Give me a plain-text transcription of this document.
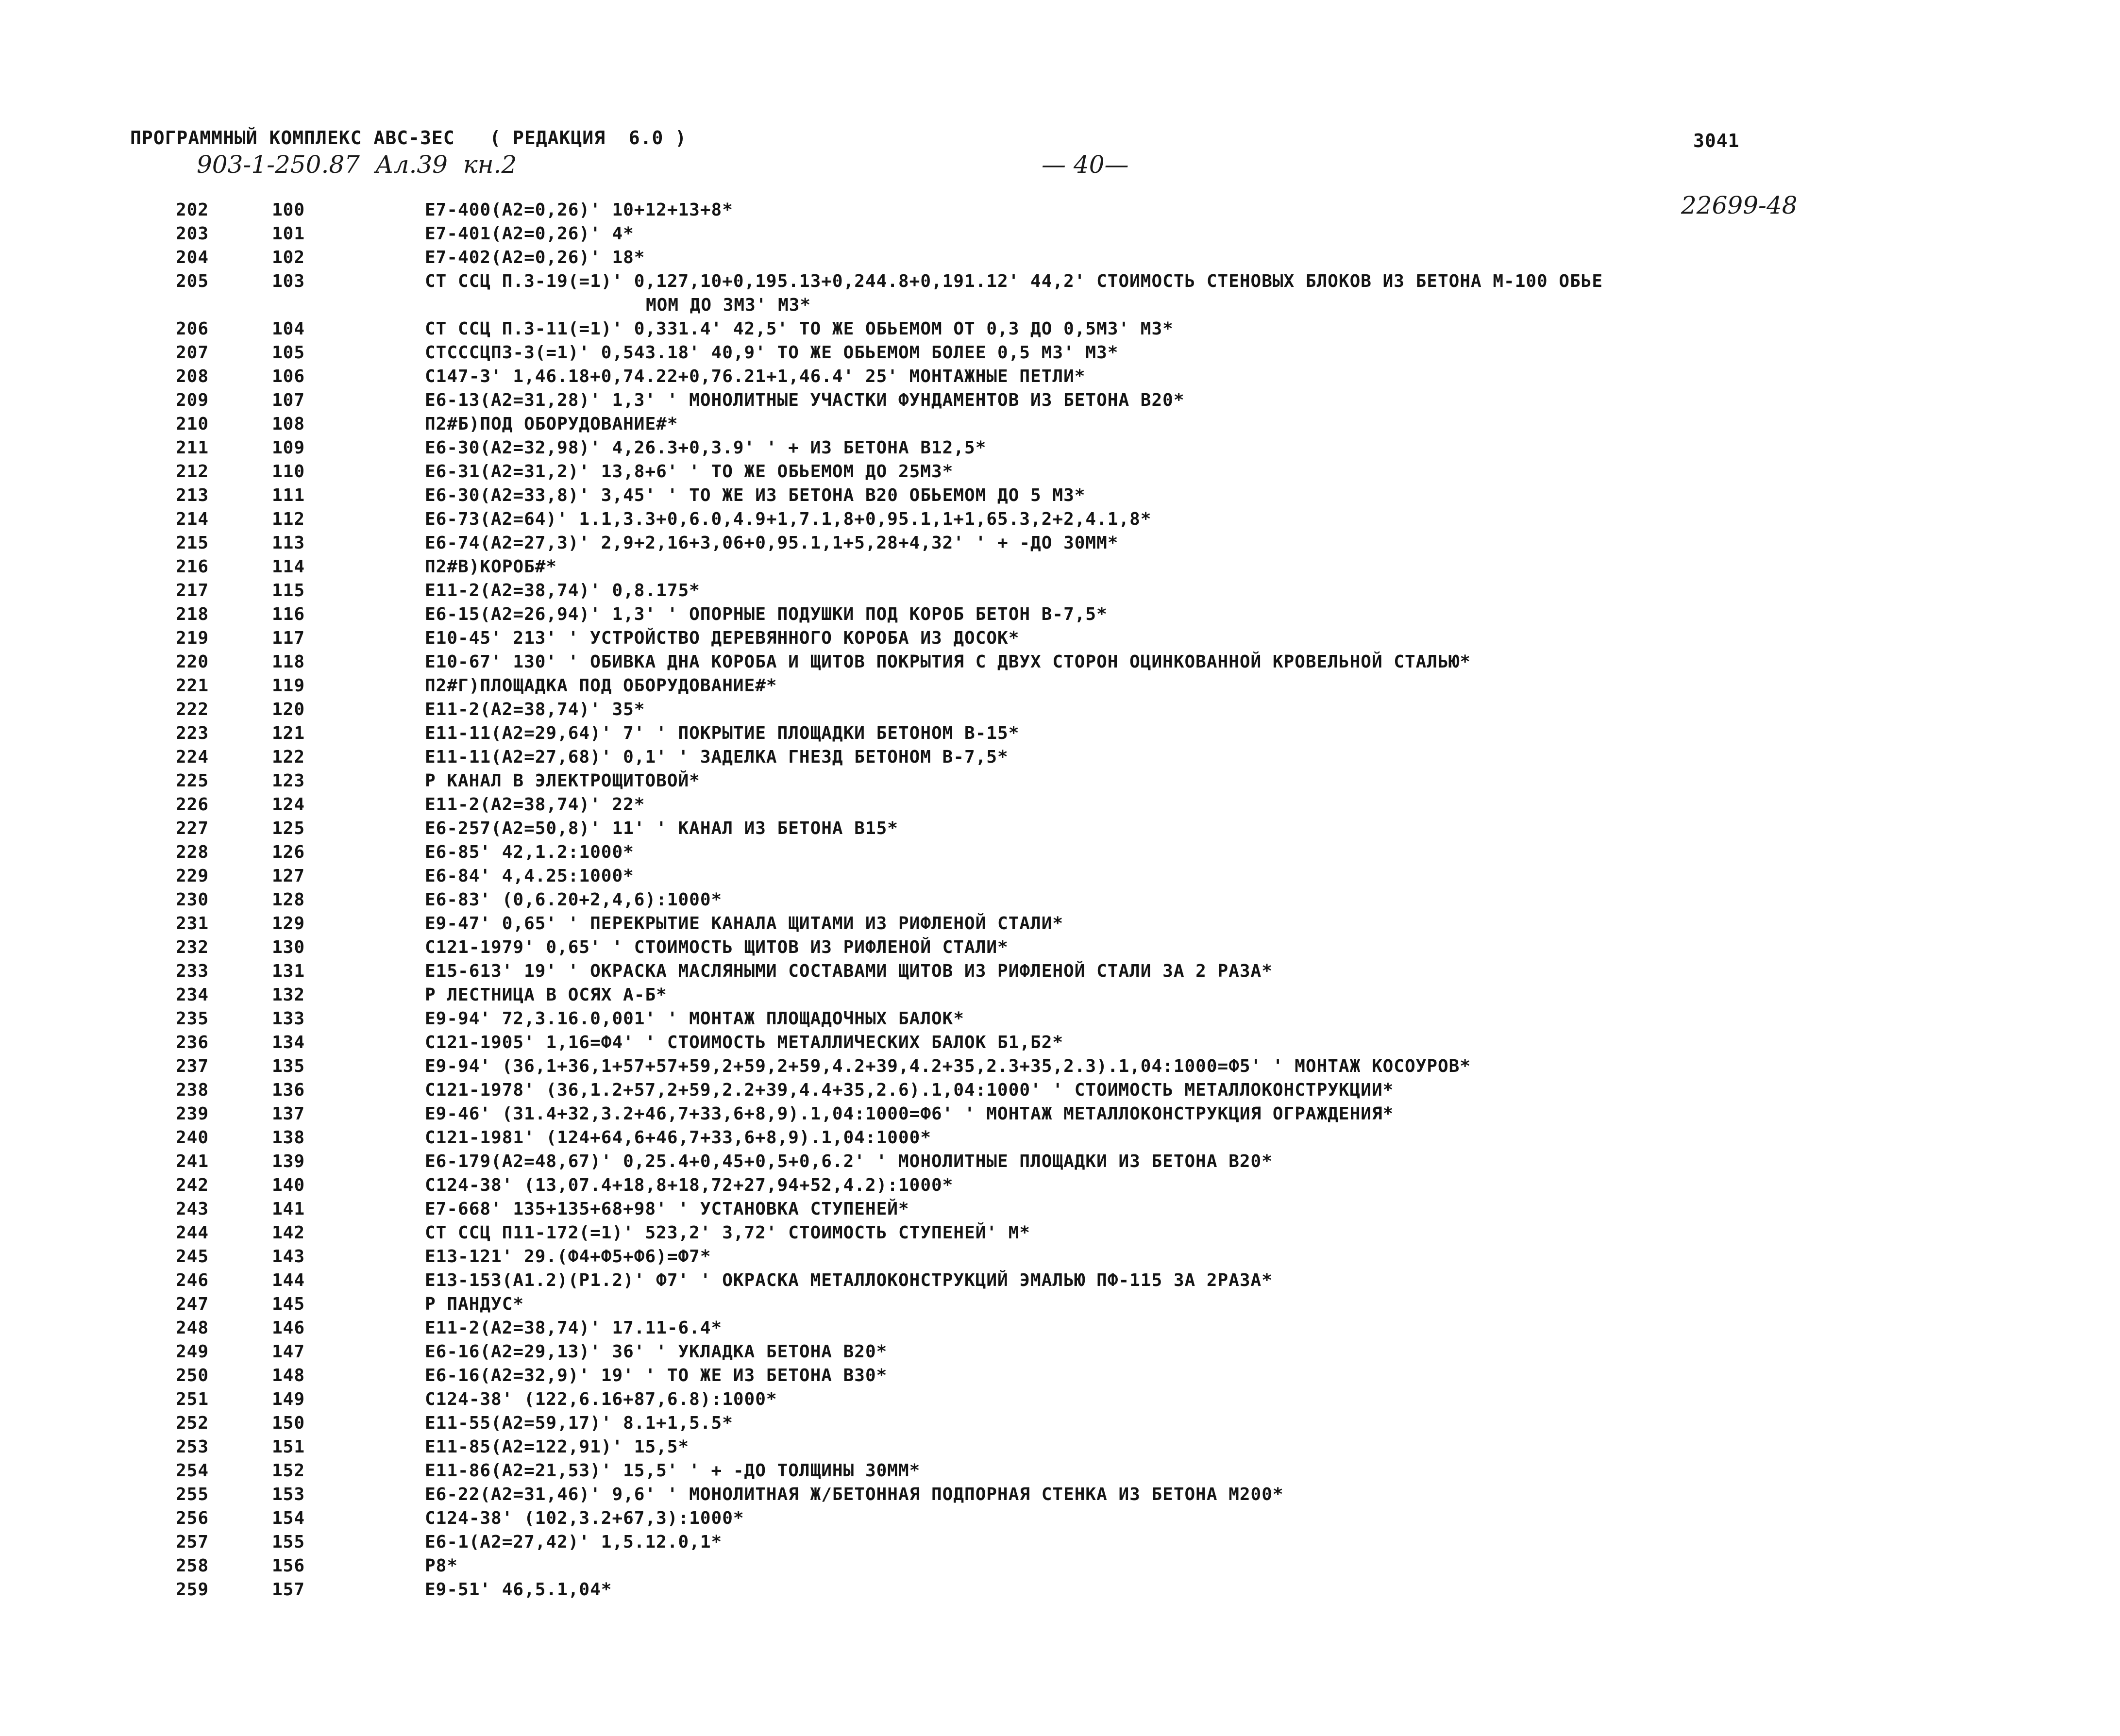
ПРОГРАММНЫЙ КОМПЛЕКС АВС-ЗЕС   ( РЕДАКЦИЯ  6.0 )	3041
903-1-250.87  Ал.39  кн.2	— 40—
22699-48
202	100	Е7-400(А2=0,26)' 10+12+13+8*
203	101	Е7-401(А2=0,26)' 4*
204	102	Е7-402(А2=0,26)' 18*
205	103	СТ ССЦ П.3-19(=1)' 0,127,10+0,195.13+0,244.8+0,191.12' 44,2' СТОИМОСТЬ СТЕНОВЫХ БЛОКОВ ИЗ БЕТОНА М-100 ОБЬЕ
МОМ ДО 3М3' М3*
206	104	СТ ССЦ П.3-11(=1)' 0,331.4' 42,5' ТО ЖЕ ОБЬЕМОМ ОТ 0,3 ДО 0,5М3' М3*
207	105	СТСССЦП3-3(=1)' 0,543.18' 40,9' ТО ЖЕ ОБЬЕМОМ БОЛЕЕ 0,5 М3' М3*
208	106	С147-3' 1,46.18+0,74.22+0,76.21+1,46.4' 25' МОНТАЖНЫЕ ПЕТЛИ*
209	107	Е6-13(А2=31,28)' 1,3' ' МОНОЛИТНЫЕ УЧАСТКИ ФУНДАМЕНТОВ ИЗ БЕТОНА В20*
210	108	П2#Б)ПОД ОБОРУДОВАНИЕ#*
211	109	Е6-30(А2=32,98)' 4,26.3+0,3.9' ' + ИЗ БЕТОНА В12,5*
212	110	Е6-31(А2=31,2)' 13,8+6' ' ТО ЖЕ ОБЬЕМОМ ДО 25М3*
213	111	Е6-30(А2=33,8)' 3,45' ' ТО ЖЕ ИЗ БЕТОНА В20 ОБЬЕМОМ ДО 5 М3*
214	112	Е6-73(А2=64)' 1.1,3.3+0,6.0,4.9+1,7.1,8+0,95.1,1+1,65.3,2+2,4.1,8*
215	113	Е6-74(А2=27,3)' 2,9+2,16+3,06+0,95.1,1+5,28+4,32' ' + -ДО 30ММ*
216	114	П2#В)КОРОБ#*
217	115	Е11-2(А2=38,74)' 0,8.175*
218	116	Е6-15(А2=26,94)' 1,3' ' ОПОРНЫЕ ПОДУШКИ ПОД КОРОБ БЕТОН В-7,5*
219	117	Е10-45' 213' ' УСТРОЙСТВО ДЕРЕВЯННОГО КОРОБА ИЗ ДОСОК*
220	118	Е10-67' 130' ' ОБИВКА ДНА КОРОБА И ЩИТОВ ПОКРЫТИЯ С ДВУХ СТОРОН ОЦИНКОВАННОЙ КРОВЕЛЬНОЙ СТАЛЬЮ*
221	119	П2#Г)ПЛОЩАДКА ПОД ОБОРУДОВАНИЕ#*
222	120	Е11-2(А2=38,74)' 35*
223	121	Е11-11(А2=29,64)' 7' ' ПОКРЫТИЕ ПЛОЩАДКИ БЕТОНОМ В-15*
224	122	Е11-11(А2=27,68)' 0,1' ' ЗАДЕЛКА ГНЕЗД БЕТОНОМ В-7,5*
225	123	Р КАНАЛ В ЭЛЕКТРОЩИТОВОЙ*
226	124	Е11-2(А2=38,74)' 22*
227	125	Е6-257(А2=50,8)' 11' ' КАНАЛ ИЗ БЕТОНА В15*
228	126	Е6-85' 42,1.2:1000*
229	127	Е6-84' 4,4.25:1000*
230	128	Е6-83' (0,6.20+2,4,6):1000*
231	129	Е9-47' 0,65' ' ПЕРЕКРЫТИЕ КАНАЛА ЩИТАМИ ИЗ РИФЛЕНОЙ СТАЛИ*
232	130	С121-1979' 0,65' ' СТОИМОСТЬ ЩИТОВ ИЗ РИФЛЕНОЙ СТАЛИ*
233	131	Е15-613' 19' ' ОКРАСКА МАСЛЯНЫМИ СОСТАВАМИ ЩИТОВ ИЗ РИФЛЕНОЙ СТАЛИ ЗА 2 РАЗА*
234	132	Р ЛЕСТНИЦА В ОСЯХ А-Б*
235	133	Е9-94' 72,3.16.0,001' ' МОНТАЖ ПЛОЩАДОЧНЫХ БАЛОК*
236	134	С121-1905' 1,16=Ф4' ' СТОИМОСТЬ МЕТАЛЛИЧЕСКИХ БАЛОК Б1,Б2*
237	135	Е9-94' (36,1+36,1+57+57+59,2+59,2+59,4.2+39,4.2+35,2.3+35,2.3).1,04:1000=Ф5' ' МОНТАЖ КОСОУРОВ*
238	136	С121-1978' (36,1.2+57,2+59,2.2+39,4.4+35,2.6).1,04:1000' ' СТОИМОСТЬ МЕТАЛЛОКОНСТРУКЦИИ*
239	137	Е9-46' (31.4+32,3.2+46,7+33,6+8,9).1,04:1000=Ф6' ' МОНТАЖ МЕТАЛЛОКОНСТРУКЦИЯ ОГРАЖДЕНИЯ*
240	138	С121-1981' (124+64,6+46,7+33,6+8,9).1,04:1000*
241	139	Е6-179(А2=48,67)' 0,25.4+0,45+0,5+0,6.2' ' МОНОЛИТНЫЕ ПЛОЩАДКИ ИЗ БЕТОНА В20*
242	140	С124-38' (13,07.4+18,8+18,72+27,94+52,4.2):1000*
243	141	Е7-668' 135+135+68+98' ' УСТАНОВКА СТУПЕНЕЙ*
244	142	СТ ССЦ П11-172(=1)' 523,2' 3,72' СТОИМОСТЬ СТУПЕНЕЙ' М*
245	143	Е13-121' 29.(Ф4+Ф5+Ф6)=Ф7*
246	144	Е13-153(А1.2)(Р1.2)' Ф7' ' ОКРАСКА МЕТАЛЛОКОНСТРУКЦИЙ ЭМАЛЬЮ ПФ-115 ЗА 2РАЗА*
247	145	Р ПАНДУС*
248	146	Е11-2(А2=38,74)' 17.11-6.4*
249	147	Е6-16(А2=29,13)' 36' ' УКЛАДКА БЕТОНА В20*
250	148	Е6-16(А2=32,9)' 19' ' ТО ЖЕ ИЗ БЕТОНА В30*
251	149	С124-38' (122,6.16+87,6.8):1000*
252	150	Е11-55(А2=59,17)' 8.1+1,5.5*
253	151	Е11-85(А2=122,91)' 15,5*
254	152	Е11-86(А2=21,53)' 15,5' ' + -ДО ТОЛЩИНЫ 30ММ*
255	153	Е6-22(А2=31,46)' 9,6' ' МОНОЛИТНАЯ Ж/БЕТОННАЯ ПОДПОРНАЯ СТЕНКА ИЗ БЕТОНА М200*
256	154	С124-38' (102,3.2+67,3):1000*
257	155	Е6-1(А2=27,42)' 1,5.12.0,1*
258	156	Р8*
259	157	Е9-51' 46,5.1,04*
